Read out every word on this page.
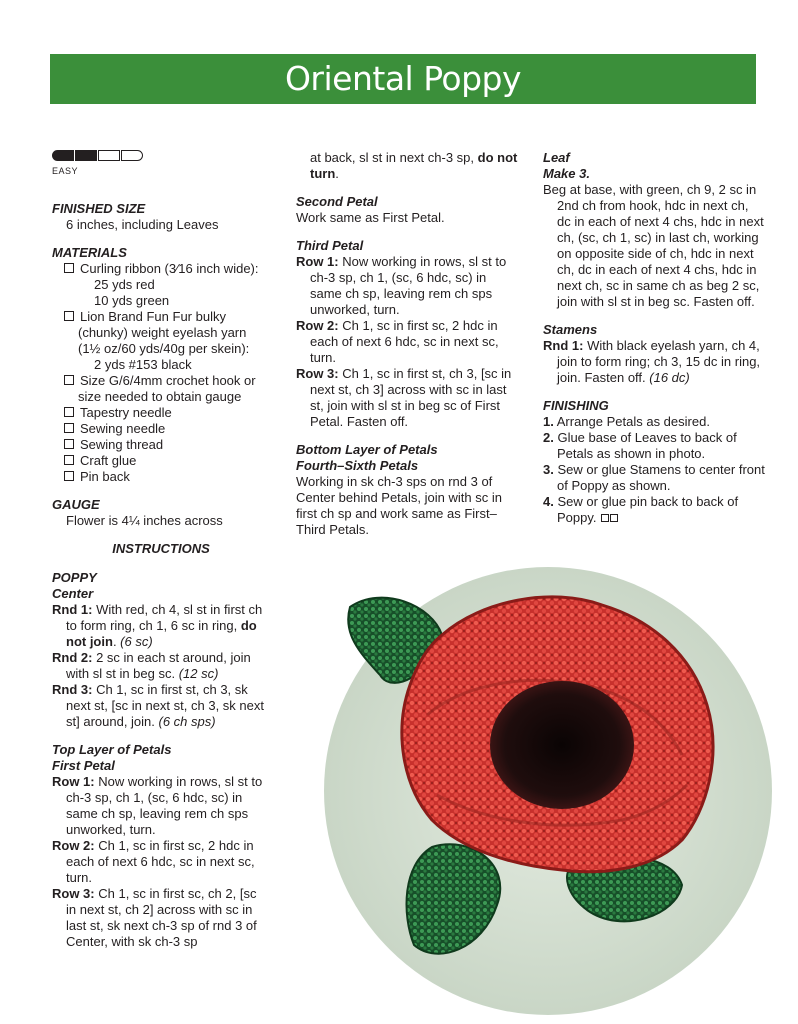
Oriental Poppy
EASY

FINISHED SIZE

6 inches, including Leaves

MATERIALS

Curling ribbon (3⁄16 inch wide):

25 yds red

10 yds green

Lion Brand Fun Fur bulky (chunky) weight eyelash yarn (1½ oz/60 yds/40g per skein):

2 yds #153 black

Size G/6/4mm crochet hook or size needed to obtain gauge

Tapestry needle

Sewing needle

Sewing thread

Craft glue

Pin back

GAUGE

Flower is 4¼ inches across

INSTRUCTIONS

POPPY

Center

Rnd 1: With red, ch 4, sl st in first ch to form ring, ch 1, 6 sc in ring, do not join. (6 sc)

Rnd 2: 2 sc in each st around, join with sl st in beg sc. (12 sc)

Rnd 3: Ch 1, sc in first st, ch 3, sk next st, [sc in next st, ch 3, sk next st] around, join. (6 ch sps)

Top Layer of Petals

First Petal

Row 1: Now working in rows, sl st to ch-3 sp, ch 1, (sc, 6 hdc, sc) in same ch sp, leaving rem ch sps unworked, turn.

Row 2: Ch 1, sc in first sc, 2 hdc in each of next 6 hdc, sc in next sc, turn.

Row 3: Ch 1, sc in first sc, ch 2, [sc in next st, ch 2] across with sc in last st, sk next ch-3 sp of rnd 3 of Center, with sk ch-3 sp

at back, sl st in next ch-3 sp, do not turn.

Second Petal

Work same as First Petal.

Third Petal

Row 1: Now working in rows, sl st to ch-3 sp, ch 1, (sc, 6 hdc, sc) in same ch sp, leaving rem ch sps unworked, turn.

Row 2: Ch 1, sc in first sc, 2 hdc in each of next 6 hdc, sc in next sc, turn.

Row 3: Ch 1, sc in first st, ch 3, [sc in next st, ch 3] across with sc in last st, join with sl st in beg sc of First Petal. Fasten off.

Bottom Layer of Petals

Fourth–Sixth Petals

Working in sk ch-3 sps on rnd 3 of Center behind Petals, join with sc in first ch sp and work same as First–Third Petals.

Leaf

Make 3.

Beg at base, with green, ch 9, 2 sc in 2nd ch from hook, hdc in next ch, dc in each of next 4 chs, hdc in next ch, (sc, ch 1, sc) in last ch, working on opposite side of ch, hdc in next ch, dc in each of next 4 chs, hdc in next ch, sc in same ch as beg 2 sc, join with sl st in beg sc. Fasten off.

Stamens

Rnd 1: With black eyelash yarn, ch 4, join to form ring; ch 3, 15 dc in ring, join. Fasten off. (16 dc)

FINISHING

1. Arrange Petals as desired.

2. Glue base of Leaves to back of Petals as shown in photo.

3. Sew or glue Stamens to center front of Poppy as shown.

4. Sew or glue pin back to back of Poppy.
